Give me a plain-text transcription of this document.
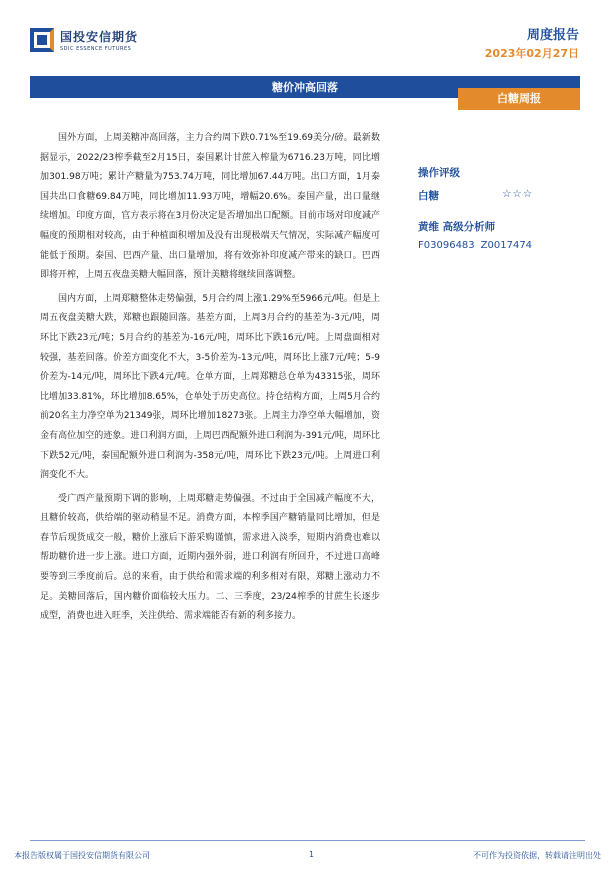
国投安信期货
SDIC ESSENCE FUTURES
周度报告
2023年02月27日
糖价冲高回落
白糖周报

国外方面，上周美糖冲高回落，主力合约周下跌0.71%至19.69美分/磅。最新数据显示，2022/23榨季截至2月15日，泰国累计甘蔗入榨量为6716.23万吨，同比增加301.98万吨；累计产糖量为753.74万吨，同比增加67.44万吨。出口方面，1月泰国共出口食糖69.84万吨，同比增加11.93万吨，增幅20.6%。泰国产量，出口量继续增加。印度方面，官方表示将在3月份决定是否增加出口配额。目前市场对印度减产幅度的预期相对较高，由于种植面积增加及没有出现极端天气情况，实际减产幅度可能低于预期。泰国、巴西产量、出口量增加，将有效弥补印度减产带来的缺口。巴西即将开榨，上周五夜盘美糖大幅回落，预计美糖将继续回落调整。

国内方面，上周郑糖整体走势偏强，5月合约周上涨1.29%至5966元/吨。但是上周五夜盘美糖大跌，郑糖也跟随回落。基差方面，上周3月合约的基差为-3元/吨，周环比下跌23元/吨；5月合约的基差为-16元/吨，周环比下跌16元/吨。上周盘面相对较强，基差回落。价差方面变化不大，3-5价差为-13元/吨，周环比上涨7元/吨；5-9价差为-14元/吨，周环比下跌4元/吨。仓单方面，上周郑糖总仓单为43315张，周环比增加33.81%，环比增加8.65%，仓单处于历史高位。持仓结构方面，上周5月合约前20名主力净空单为21349张，周环比增加18273张。上周主力净空单大幅增加，资金有高位加空的迹象。进口利润方面，上周巴西配额外进口利润为-391元/吨，周环比下跌52元/吨，泰国配额外进口利润为-358元/吨，周环比下跌23元/吨。上周进口利润变化不大。

受广西产量预期下调的影响，上周郑糖走势偏强。不过由于全国减产幅度不大，且糖价较高，供给端的驱动稍显不足。消费方面，本榨季国产糖销量同比增加，但是春节后现货成交一般，糖价上涨后下游采购谨慎，需求进入淡季，短期内消费也难以帮助糖价进一步上涨。进口方面，近期内强外弱，进口利润有所回升，不过进口高峰要等到三季度前后。总的来看，由于供给和需求端的利多相对有限，郑糖上涨动力不足。美糖回落后，国内糖价面临较大压力。二、三季度，23/24榨季的甘蔗生长逐步成型，消费也进入旺季，关注供给、需求端能否有新的利多接力。

操作评级
白糖	☆☆☆
黄维 高级分析师
F03096483 Z0017474
本报告版权属于国投安信期货有限公司	1	不可作为投资依据，转载请注明出处
